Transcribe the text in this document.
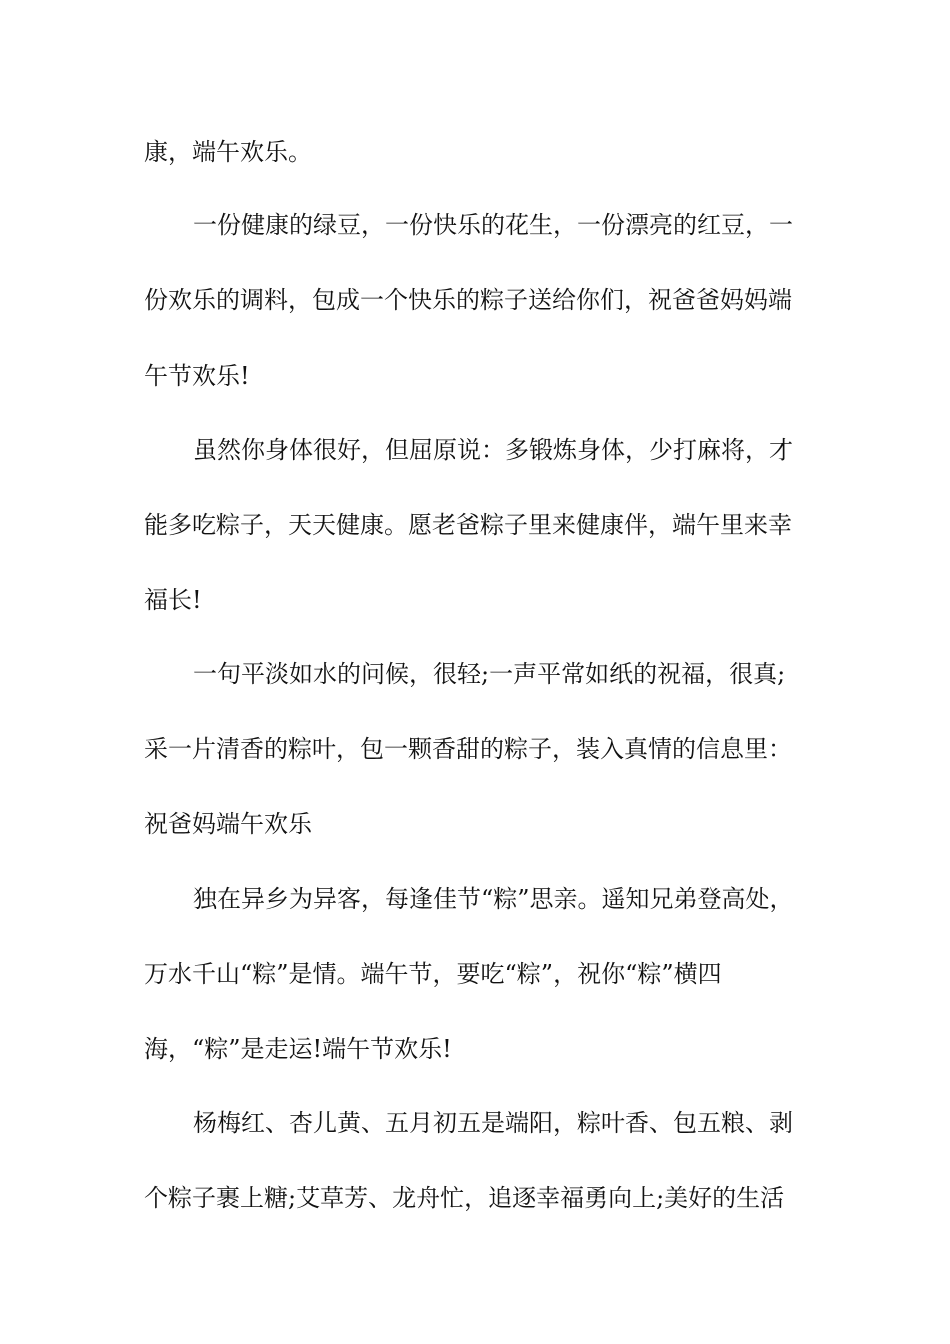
康，端午欢乐。

一份健康的绿豆，一份快乐的花生，一份漂亮的红豆，一

份欢乐的调料，包成一个快乐的粽子送给你们，祝爸爸妈妈端

午节欢乐!

虽然你身体很好，但屈原说：多锻炼身体，少打麻将，才

能多吃粽子，天天健康。愿老爸粽子里来健康伴，端午里来幸

福长!

一句平淡如水的问候，很轻;一声平常如纸的祝福，很真;

采一片清香的粽叶，包一颗香甜的粽子，装入真情的信息里：

祝爸妈端午欢乐

独在异乡为异客，每逢佳节“粽”思亲。遥知兄弟登高处，

万水千山“粽”是情。端午节，要吃“粽”，祝你“粽”横四

海，“粽”是走运!端午节欢乐!

杨梅红、杏儿黄、五月初五是端阳，粽叶香、包五粮、剥

个粽子裹上糖;艾草芳、龙舟忙，追逐幸福勇向上;美好的生活
